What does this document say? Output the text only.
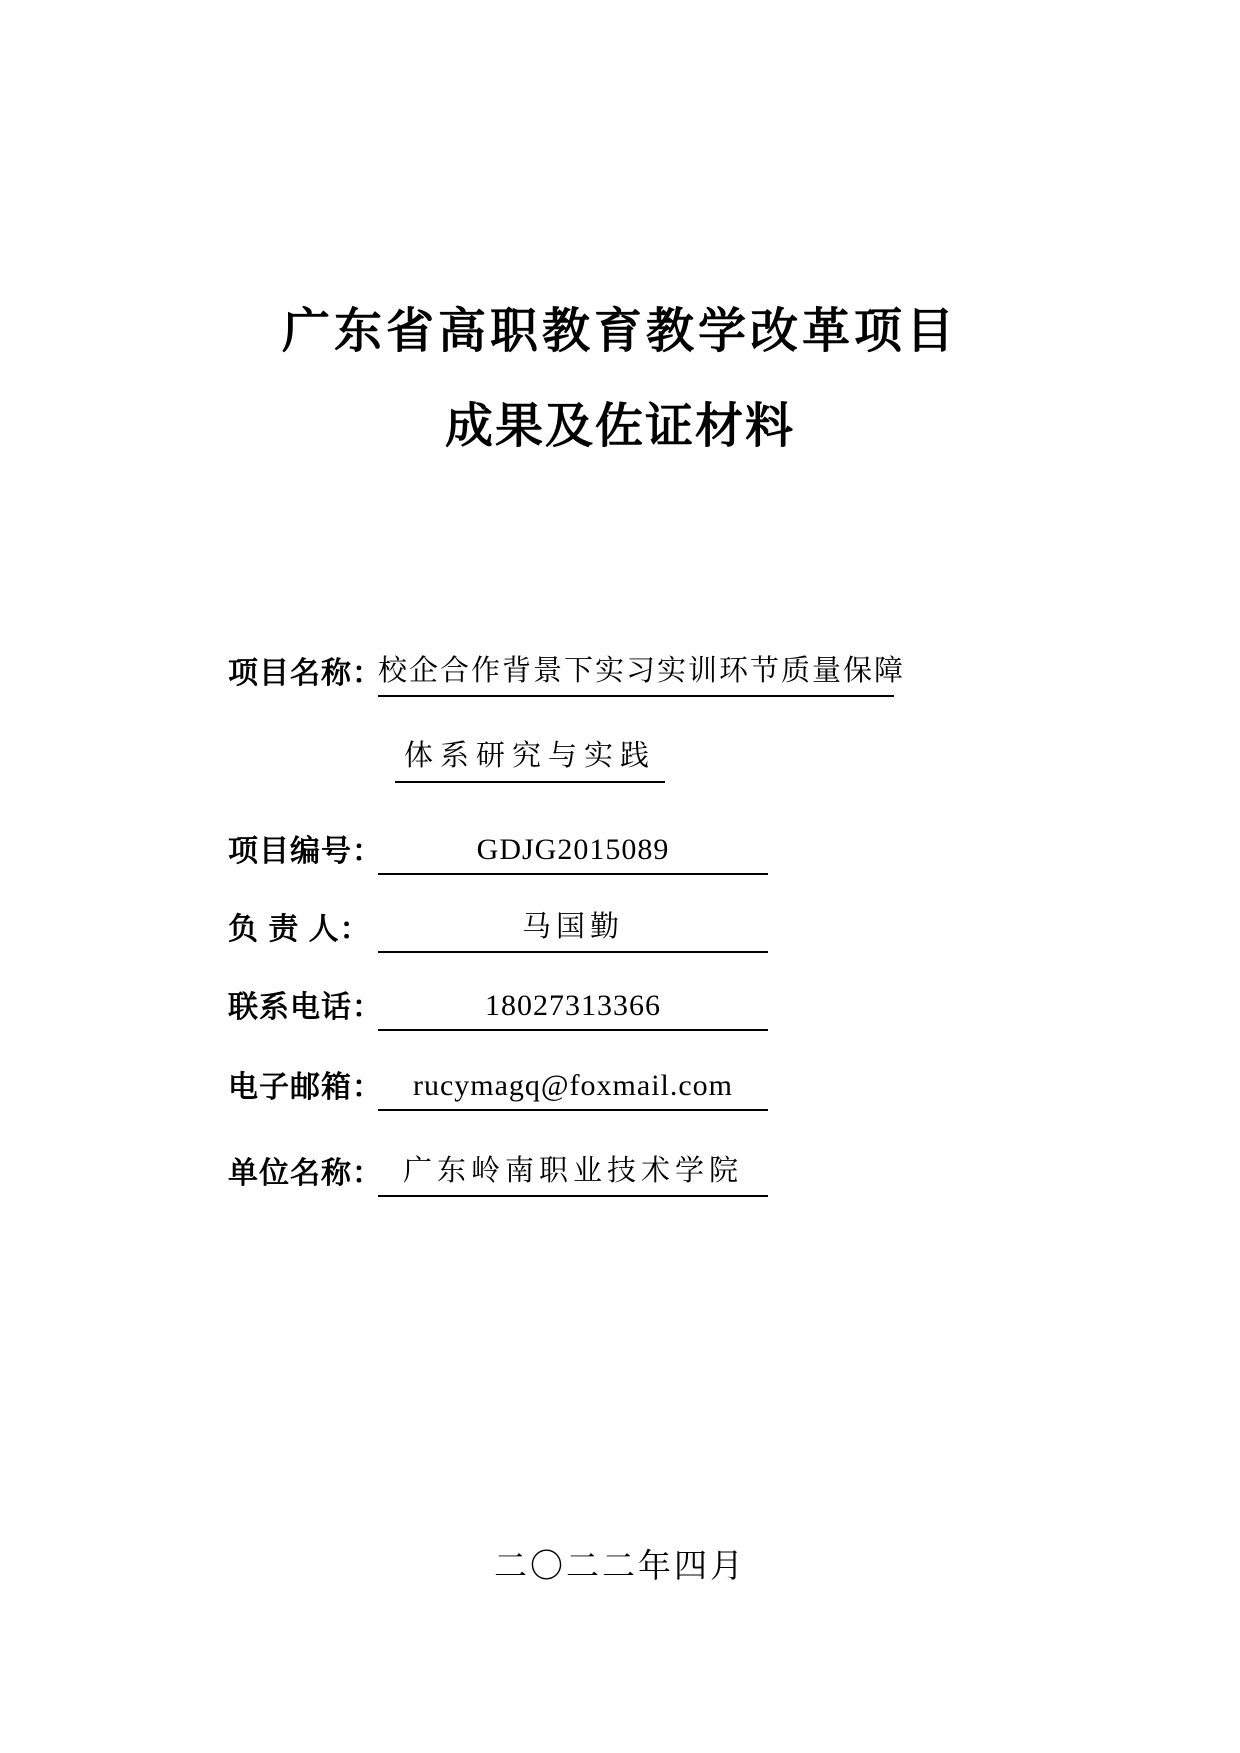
广东省高职教育教学改革项目
成果及佐证材料
项目名称：校企合作背景下实习实训环节质量保障
体系研究与实践
项目编号：	GDJG2015089
负 责 人：	马国勤
联系电话：	18027313366
电子邮箱： rucymagq@foxmail.com
单位名称： 广东岭南职业技术学院
二〇二二年四月
